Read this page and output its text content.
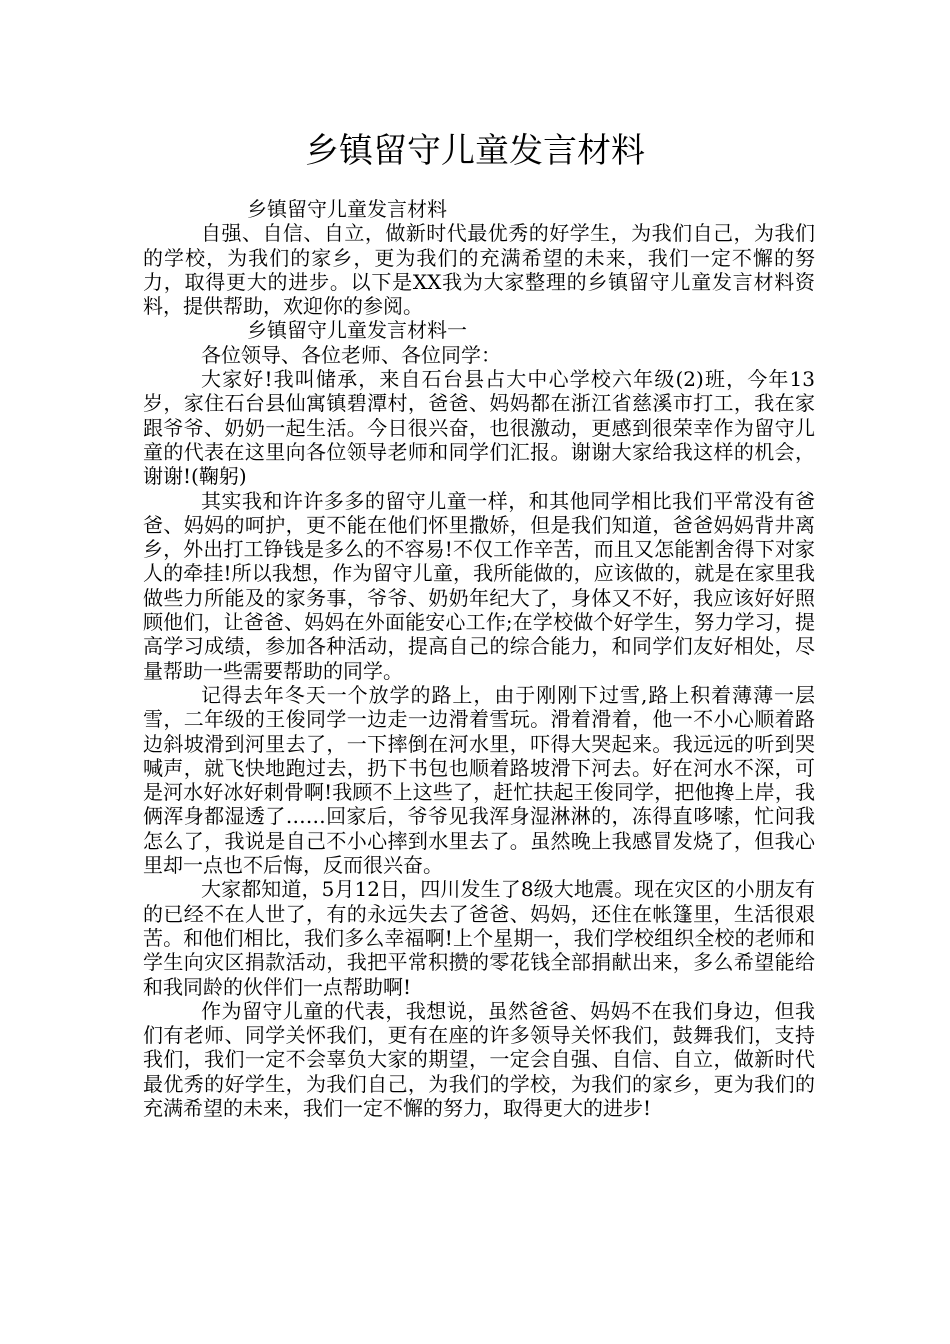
乡镇留守儿童发言材料

乡镇留守儿童发言材料

自强、自信、自立，做新时代最优秀的好学生，为我们自己，为我们的学校，为我们的家乡，更为我们的充满希望的未来，我们一定不懈的努力，取得更大的进步。以下是XX我为大家整理的乡镇留守儿童发言材料资料，提供帮助，欢迎你的参阅。

乡镇留守儿童发言材料一

各位领导、各位老师、各位同学：

大家好!我叫储承，来自石台县占大中心学校六年级(2)班，今年13岁，家住石台县仙寓镇碧潭村，爸爸、妈妈都在浙江省慈溪市打工，我在家跟爷爷、奶奶一起生活。今日很兴奋，也很激动，更感到很荣幸作为留守儿童的代表在这里向各位领导老师和同学们汇报。谢谢大家给我这样的机会，谢谢!(鞠躬)

其实我和许许多多的留守儿童一样，和其他同学相比我们平常没有爸爸、妈妈的呵护，更不能在他们怀里撒娇，但是我们知道，爸爸妈妈背井离乡，外出打工铮钱是多么的不容易!不仅工作辛苦，而且又怎能割舍得下对家人的牵挂!所以我想，作为留守儿童，我所能做的，应该做的，就是在家里我做些力所能及的家务事，爷爷、奶奶年纪大了，身体又不好，我应该好好照顾他们，让爸爸、妈妈在外面能安心工作;在学校做个好学生，努力学习，提高学习成绩，参加各种活动，提高自己的综合能力，和同学们友好相处，尽量帮助一些需要帮助的同学。

记得去年冬天一个放学的路上，由于刚刚下过雪,路上积着薄薄一层雪，二年级的王俊同学一边走一边滑着雪玩。滑着滑着，他一不小心顺着路边斜坡滑到河里去了，一下摔倒在河水里，吓得大哭起来。我远远的听到哭喊声，就飞快地跑过去，扔下书包也顺着路坡滑下河去。好在河水不深，可是河水好冰好刺骨啊!我顾不上这些了，赶忙扶起王俊同学，把他搀上岸，我俩浑身都湿透了……回家后，爷爷见我浑身湿淋淋的，冻得直哆嗦，忙问我怎么了，我说是自己不小心摔到水里去了。虽然晚上我感冒发烧了，但我心里却一点也不后悔，反而很兴奋。

大家都知道，5月12日，四川发生了8级大地震。现在灾区的小朋友有的已经不在人世了，有的永远失去了爸爸、妈妈，还住在帐篷里，生活很艰苦。和他们相比，我们多么幸福啊!上个星期一，我们学校组织全校的老师和学生向灾区捐款活动，我把平常积攒的零花钱全部捐献出来，多么希望能给和我同龄的伙伴们一点帮助啊!

作为留守儿童的代表，我想说，虽然爸爸、妈妈不在我们身边，但我们有老师、同学关怀我们，更有在座的许多领导关怀我们，鼓舞我们，支持我们，我们一定不会辜负大家的期望，一定会自强、自信、自立，做新时代最优秀的好学生，为我们自己，为我们的学校，为我们的家乡，更为我们的充满希望的未来，我们一定不懈的努力，取得更大的进步!
